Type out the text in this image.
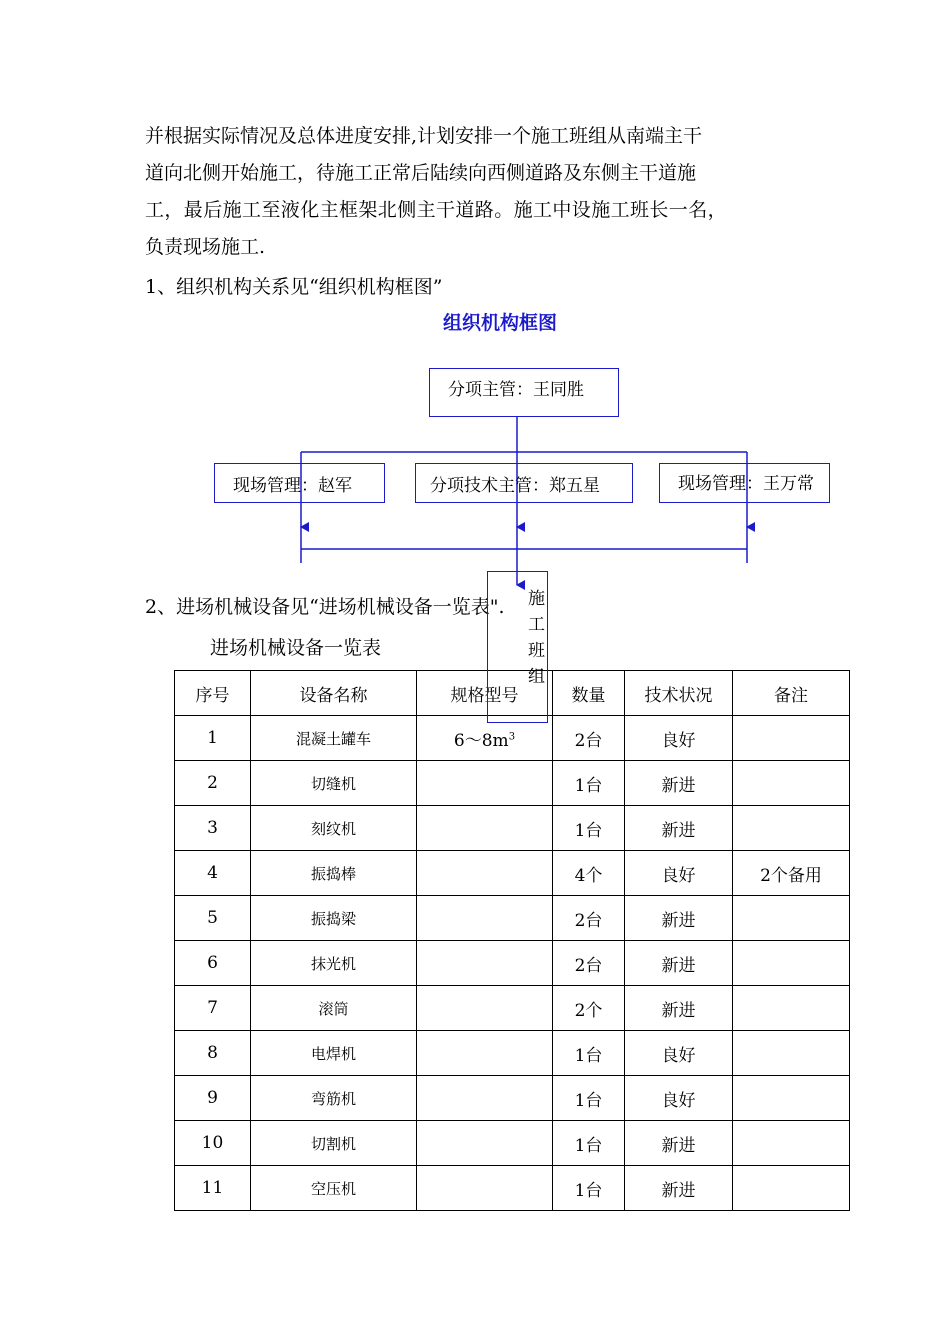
并根据实际情况及总体进度安排,计划安排一个施工班组从南端主干

道向北侧开始施工，待施工正常后陆续向西侧道路及东侧主干道施

工，最后施工至液化主框架北侧主干道路。施工中设施工班长一名，

负责现场施工.

1、组织机构关系见“组织机构框图”
组织机构框图
分项主管：王同胜
现场管理：赵军	分项技术主管：郑五星	现场管理：王万常
2、进场机械设备见“进场机械设备一览表".
进场机械设备一览表
序号	设备名称	规格型号	数量	技术状况	备注
1	混凝土罐车	$6\sim 8m^3$	2台	良好	
2	切缝机		1台	新进	
3	刻纹机		1台	新进	
4	振捣棒		4个	良好	2个备用
5	振捣梁		2台	新进	
6	抹光机		2台	新进	
7	滚筒		2个	新进	
8	电焊机		1台	良好	
9	弯筋机		1台	良好	
10	切割机		1台	新进	
11	空压机		1台	新进	
施工班组
